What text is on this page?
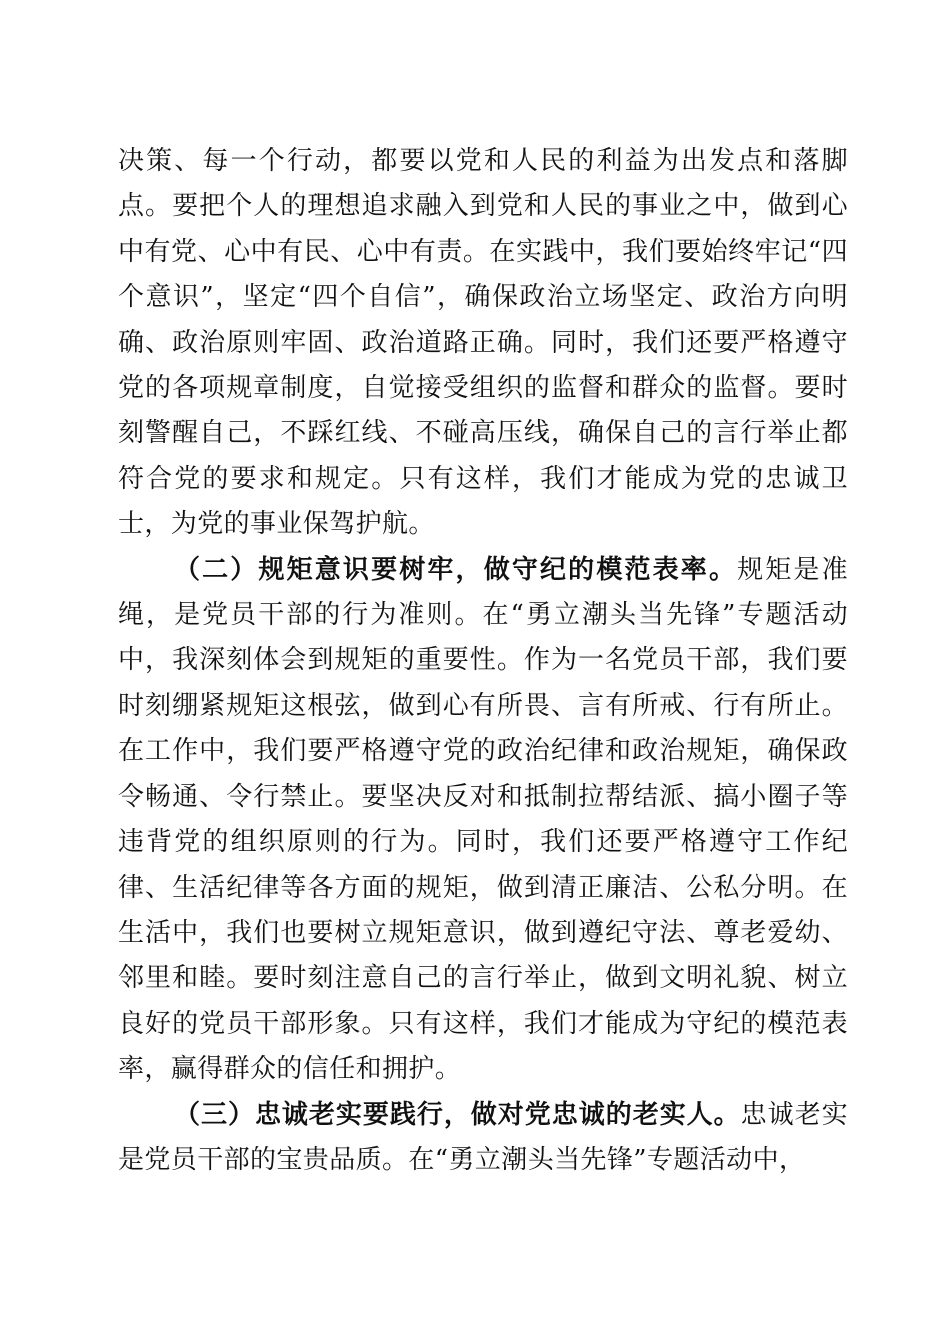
决策、每一个行动，都要以党和人民的利益为出发点和落脚点。要把个人的理想追求融入到党和人民的事业之中，做到心中有党、心中有民、心中有责。在实践中，我们要始终牢记“四个意识”，坚定“四个自信”，确保政治立场坚定、政治方向明确、政治原则牢固、政治道路正确。同时，我们还要严格遵守党的各项规章制度，自觉接受组织的监督和群众的监督。要时刻警醒自己，不踩红线、不碰高压线，确保自己的言行举止都符合党的要求和规定。只有这样，我们才能成为党的忠诚卫士，为党的事业保驾护航。

（二）规矩意识要树牢，做守纪的模范表率。规矩是准绳，是党员干部的行为准则。在“勇立潮头当先锋”专题活动中，我深刻体会到规矩的重要性。作为一名党员干部，我们要时刻绷紧规矩这根弦，做到心有所畏、言有所戒、行有所止。在工作中，我们要严格遵守党的政治纪律和政治规矩，确保政令畅通、令行禁止。要坚决反对和抵制拉帮结派、搞小圈子等违背党的组织原则的行为。同时，我们还要严格遵守工作纪律、生活纪律等各方面的规矩，做到清正廉洁、公私分明。在生活中，我们也要树立规矩意识，做到遵纪守法、尊老爱幼、邻里和睦。要时刻注意自己的言行举止，做到文明礼貌、树立良好的党员干部形象。只有这样，我们才能成为守纪的模范表率，赢得群众的信任和拥护。

（三）忠诚老实要践行，做对党忠诚的老实人。忠诚老实是党员干部的宝贵品质。在“勇立潮头当先锋”专题活动中，
